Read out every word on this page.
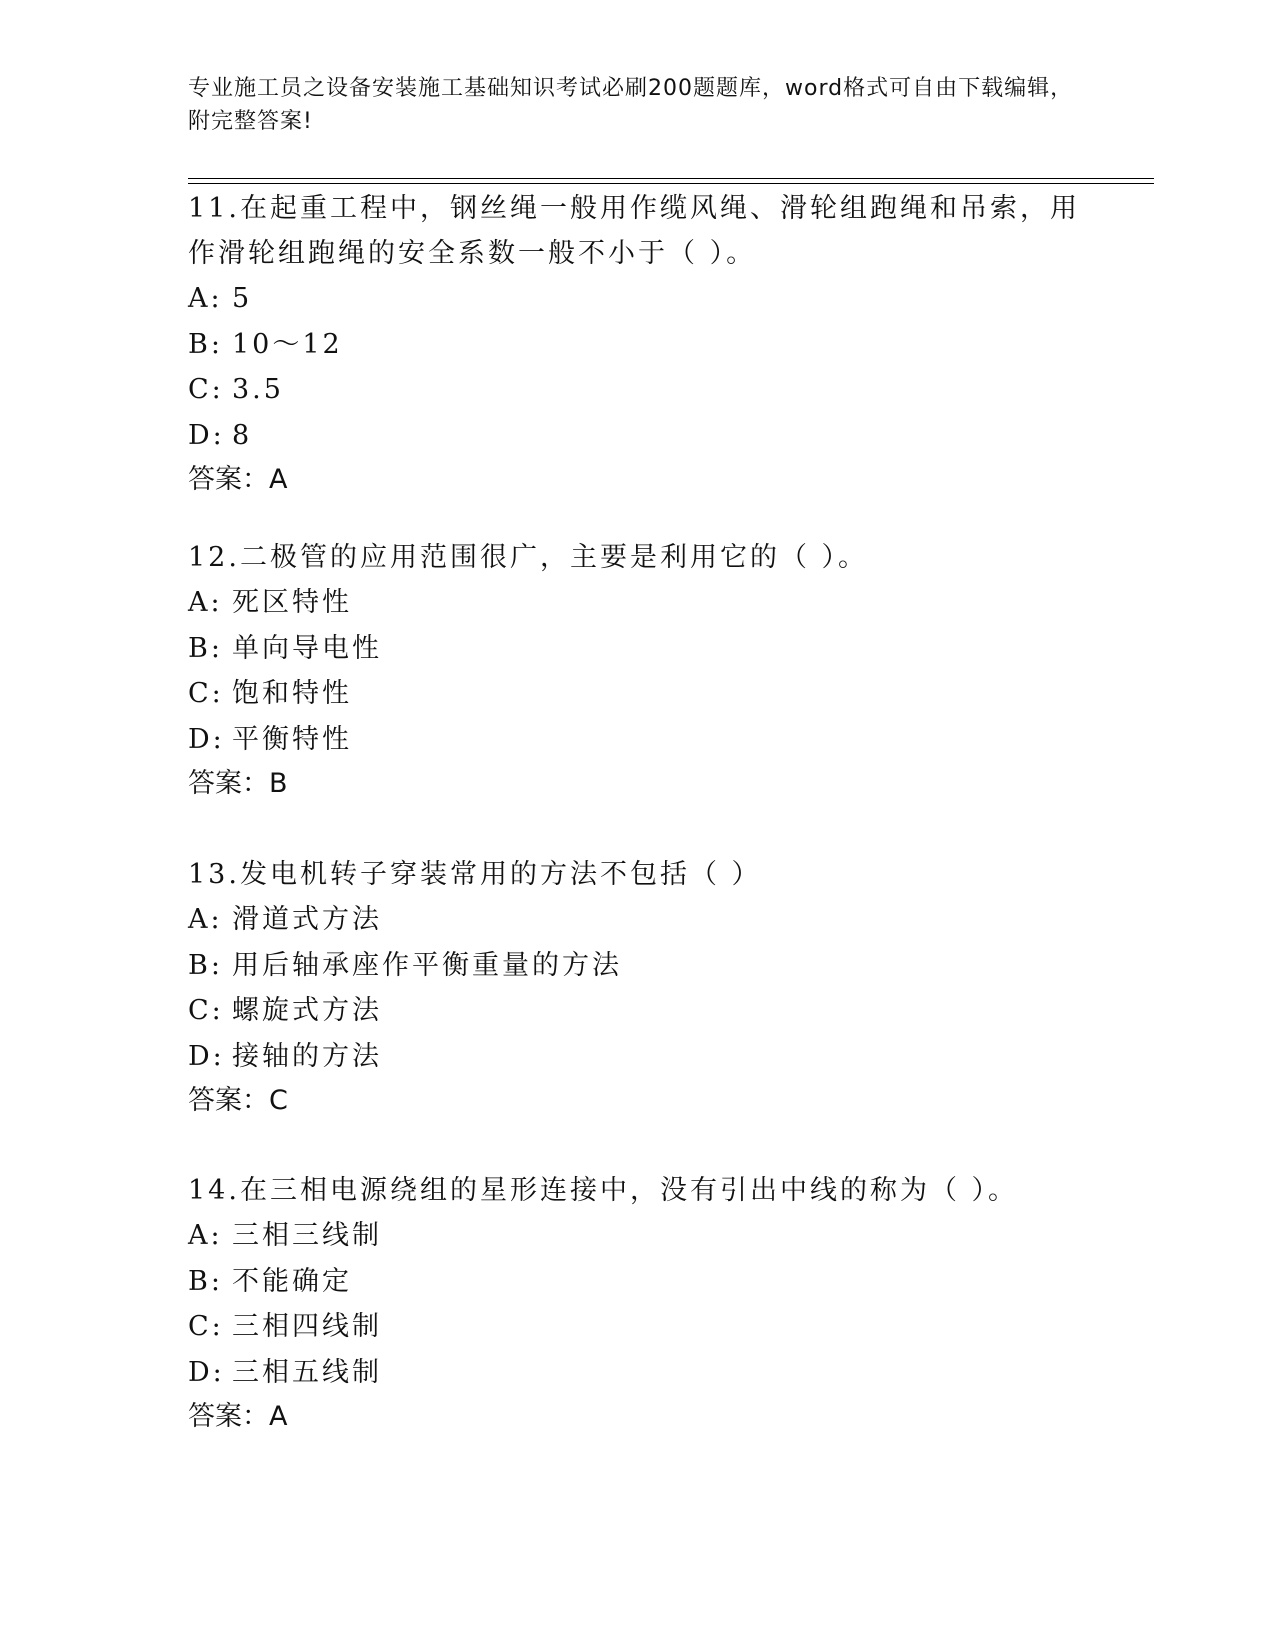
专业施工员之设备安装施工基础知识考试必刷200题题库，word格式可自由下载编辑，附完整答案!
11.在起重工程中，钢丝绳一般用作缆风绳、滑轮组跑绳和吊索，用作滑轮组跑绳的安全系数一般不小于（ ）。
A: 5
B: 10～12
C: 3.5
D: 8
答案：A
12.二极管的应用范围很广，主要是利用它的（ ）。
A: 死区特性
B: 单向导电性
C: 饱和特性
D: 平衡特性
答案：B
13.发电机转子穿装常用的方法不包括（ ）
A: 滑道式方法
B: 用后轴承座作平衡重量的方法
C: 螺旋式方法
D: 接轴的方法
答案：C
14.在三相电源绕组的星形连接中，没有引出中线的称为（ ）。
A: 三相三线制
B: 不能确定
C: 三相四线制
D: 三相五线制
答案：A
